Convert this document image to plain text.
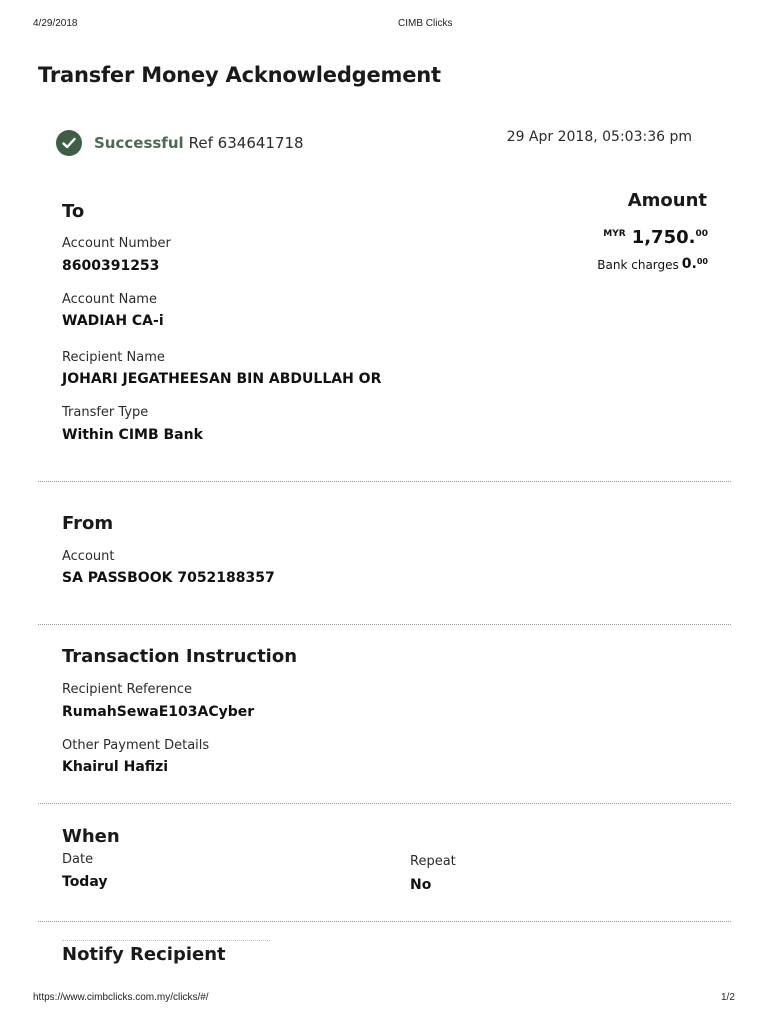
4/29/2018	CIMB Clicks
Transfer Money Acknowledgement
Successful Ref 634641718	29 Apr 2018, 05:03:36 pm
To
Account Number
8600391253
Account Name
WADIAH CA-i
Recipient Name
JOHARI JEGATHEESAN BIN ABDULLAH OR
Transfer Type
Within CIMB Bank
Amount
MYR 1,750. 00
Bank charges 0. 00
From
Account
SA PASSBOOK 7052188357
Transaction Instruction
Recipient Reference
RumahSewaE103ACyber
Other Payment Details
Khairul Hafizi
When
Date
Today
Repeat
No
Notify Recipient
https://www.cimbclicks.com.my/clicks/#/	1/2
